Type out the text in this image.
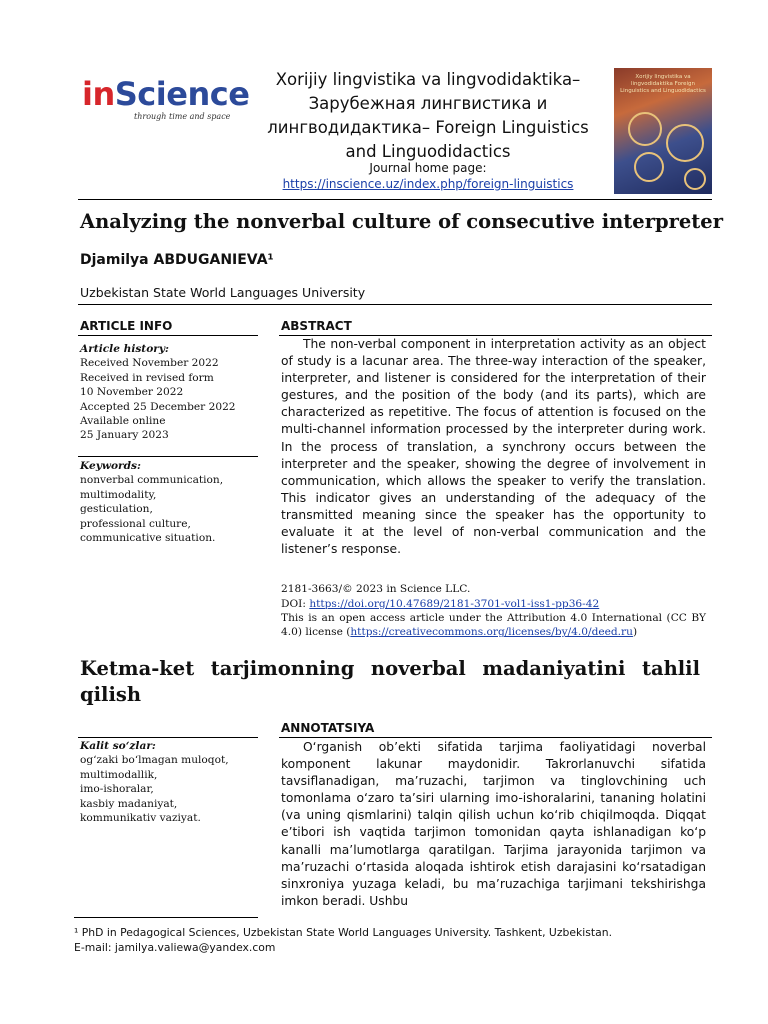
inScience
through time and space
Xorijiy lingvistika va lingvodidaktika– Зарубежная лингвистика и лингводидактика– Foreign Linguistics and Linguodidactics
Journal home page:
https://inscience.uz/index.php/foreign-linguistics
Xorijiy lingvistika va lingvodidaktika Foreign Linguistics and Linguodidactics
Analyzing the nonverbal culture of consecutive interpreter
Djamilya ABDUGANIEVA¹
Uzbekistan State World Languages University
ARTICLE INFO
Article history:
Received November 2022
Received in revised form
10 November 2022
Accepted 25 December 2022
Available online
25 January 2023
Keywords:
nonverbal communication,
multimodality,
gesticulation,
professional culture,
communicative situation.
ABSTRACT
The non-verbal component in interpretation activity as an object of study is a lacunar area. The three-way interaction of the speaker, interpreter, and listener is considered for the interpretation of their gestures, and the position of the body (and its parts), which are characterized as repetitive. The focus of attention is focused on the multi-channel information processed by the interpreter during work. In the process of translation, a synchrony occurs between the interpreter and the speaker, showing the degree of involvement in communication, which allows the speaker to verify the translation. This indicator gives an understanding of the adequacy of the transmitted meaning since the speaker has the opportunity to evaluate it at the level of non-verbal communication and the listener’s response.
2181-3663/© 2023 in Science LLC.
DOI: https://doi.org/10.47689/2181-3701-vol1-iss1-pp36-42
This is an open access article under the Attribution 4.0 International (CC BY 4.0) license (https://creativecommons.org/licenses/by/4.0/deed.ru)
Ketma-ket tarjimonning noverbal madaniyatini tahlil qilish
ANNOTATSIYA
Kalit so‘zlar:
og‘zaki bo‘lmagan muloqot,
multimodallik,
imo-ishoralar,
kasbiy madaniyat,
kommunikativ vaziyat.
O‘rganish ob’ekti sifatida tarjima faoliyatidagi noverbal komponent lakunar maydonidir. Takrorlanuvchi sifatida tavsiflanadigan, ma’ruzachi, tarjimon va tinglovchining uch tomonlama o‘zaro ta’siri ularning imo-ishoralarini, tananing holatini (va uning qismlarini) talqin qilish uchun ko‘rib chiqilmoqda. Diqqat e’tibori ish vaqtida tarjimon tomonidan qayta ishlanadigan ko‘p kanalli ma’lumotlarga qaratilgan. Tarjima jarayonida tarjimon va ma’ruzachi o‘rtasida aloqada ishtirok etish darajasini ko‘rsatadigan sinxroniya yuzaga keladi, bu ma’ruzachiga tarjimani tekshirishga imkon beradi. Ushbu
¹ PhD in Pedagogical Sciences, Uzbekistan State World Languages University. Tashkent, Uzbekistan.
E-mail: jamilya.valiewa@yandex.com
